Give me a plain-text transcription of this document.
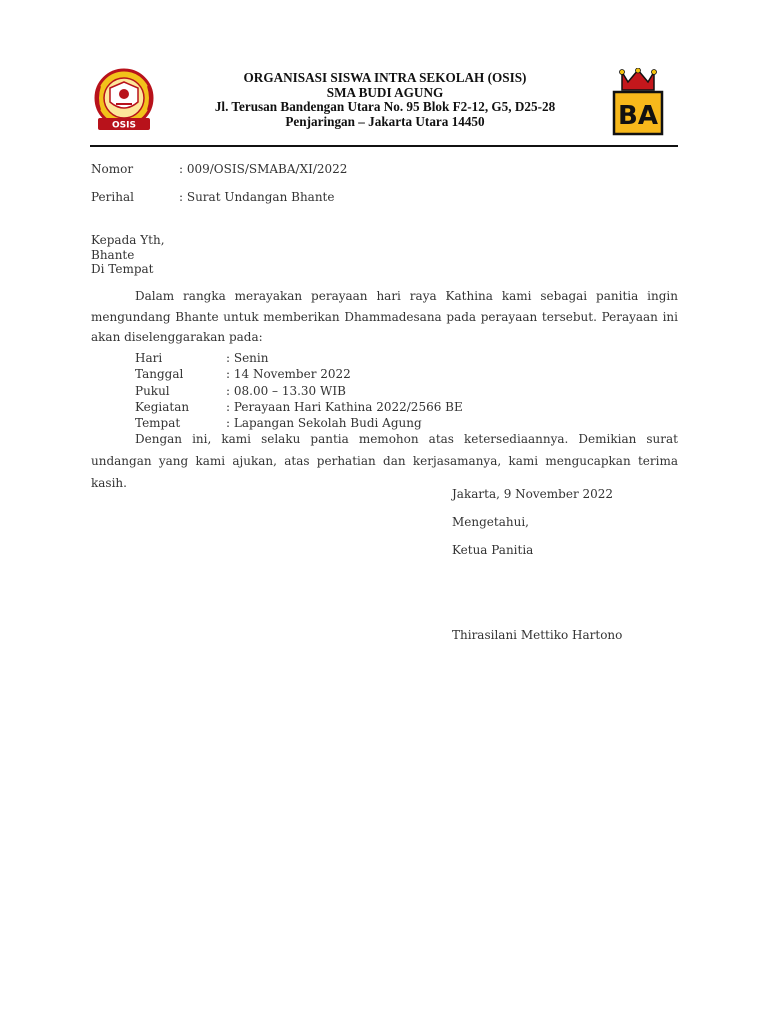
OSIS
ORGANISASI SISWA INTRA SEKOLAH (OSIS)
SMA BUDI AGUNG
Jl. Terusan Bandengan Utara No. 95 Blok F2-12, G5, D25-28
Penjaringan – Jakarta Utara 14450	BA
Nomor	: 009/OSIS/SMABA/XI/2022
Perihal	: Surat Undangan Bhante
Kepada Yth,
Bhante
Di Tempat
Dalam rangka merayakan perayaan hari raya Kathina kami sebagai panitia ingin mengundang Bhante untuk memberikan Dhammadesana pada perayaan tersebut. Perayaan ini akan diselenggarakan pada:
Hari	: Senin
Tanggal	: 14 November 2022
Pukul	: 08.00 – 13.30 WIB
Kegiatan	: Perayaan Hari Kathina 2022/2566 BE
Tempat	: Lapangan Sekolah Budi Agung
Dengan ini, kami selaku pantia memohon atas ketersediaannya. Demikian surat undangan yang kami ajukan, atas perhatian dan kerjasamanya, kami mengucapkan terima kasih.
Jakarta, 9 November 2022
Mengetahui,
Ketua Panitia
Thirasilani Mettiko Hartono
